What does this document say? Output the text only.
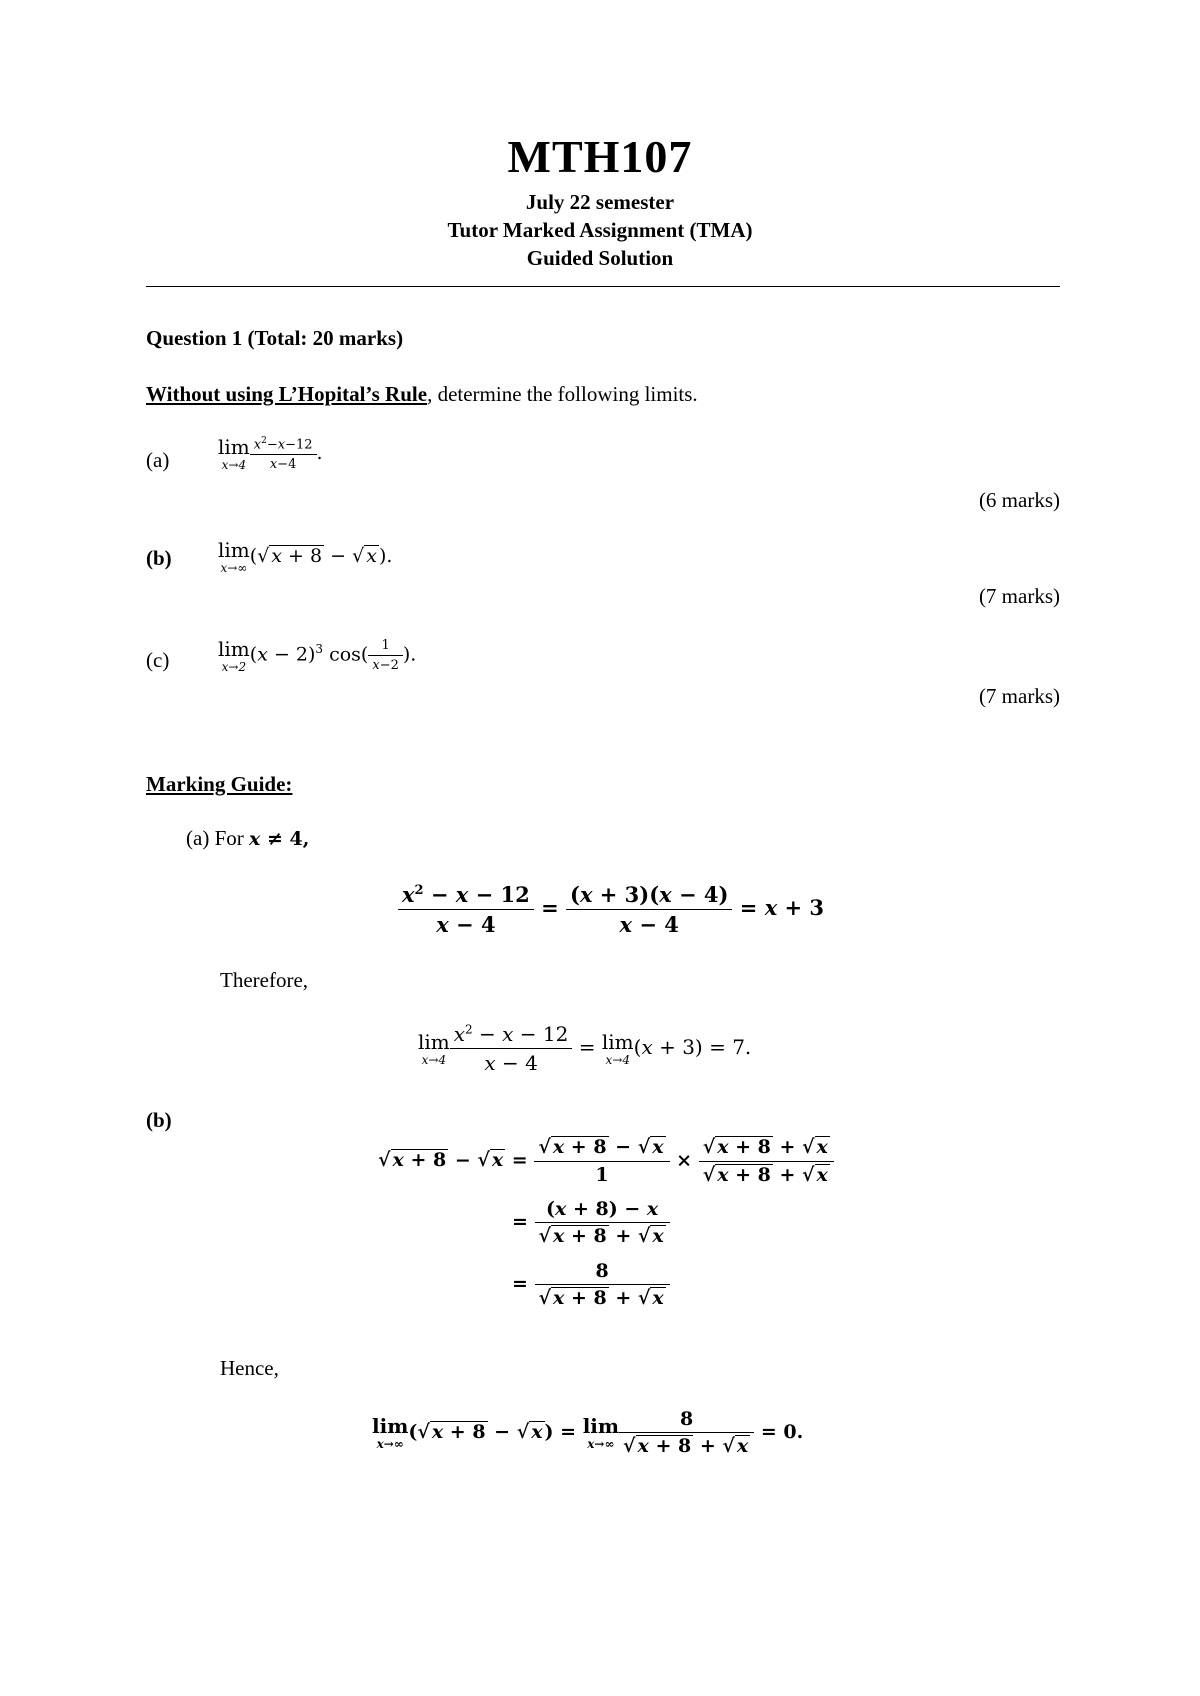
MTH107
July 22 semester
Tutor Marked Assignment (TMA)
Guided Solution
Question 1 (Total: 20 marks)
Without using L’Hopital’s Rule, determine the following limits.
(a)
lim
$x\to 4 \frac{x^2-x-12}{x-4}$ .
(6 marks)
(b) lim
x→∞
(√ x + 8 − √ x ).
(7 marks)
(c) lim
x→2
$(x - 2)^3$ $\cos( \frac{1}{x-2}$ ).
(7 marks)
Marking Guide:
(a) For x ≠ 4,
$\frac{x^2 - x - 12}{x - 4} = \frac{(x + 3)(x - 4)}{x - 4} = x + 3$
Therefore,
lim
$x\to 4 \frac{x^2 - x - 12}{x - 4} = \lim$
x→4
(x + 3) = 7.
(b)
√ x + 8 − √ $x = \frac{√ x + 8 - √ x}{1} \times \frac{√ x + 8 + √ x}{√ x + 8 + √ x}$
= $\frac{(x + 8) - x}{√ x + 8 + √ x}$
= $\frac{8}{√ x + 8 + √ x}$
Hence,
lim
x→∞
(√ x + 8 − √ x ) = lim
$x\to\infty \frac{8}{√ x + 8 + √ x} = 0$.
